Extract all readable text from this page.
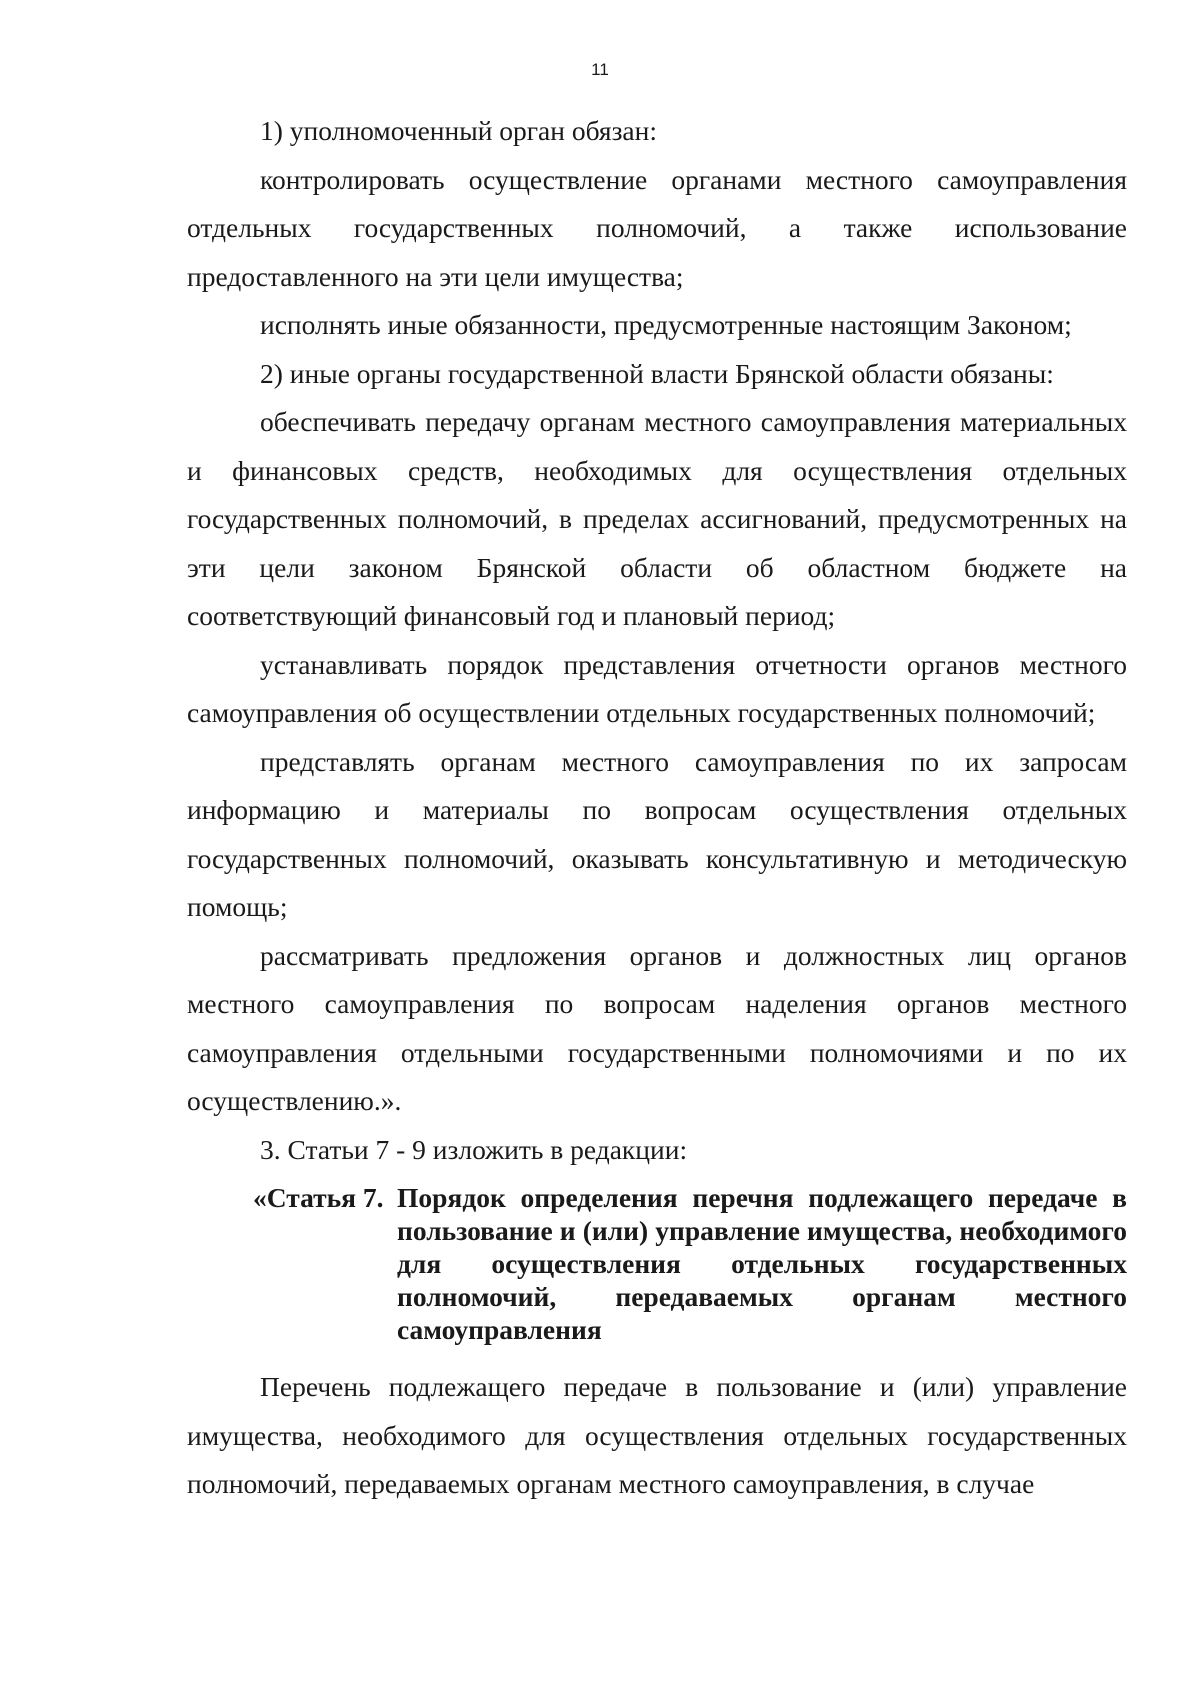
11

1) уполномоченный орган обязан:

контролировать осуществление органами местного самоуправления отдельных государственных полномочий, а также использование предоставленного на эти цели имущества;

исполнять иные обязанности, предусмотренные настоящим Законом;

2) иные органы государственной власти Брянской области обязаны:

обеспечивать передачу органам местного самоуправления материальных и финансовых средств, необходимых для осуществления отдельных государственных полномочий, в пределах ассигнований, предусмотренных на эти цели законом Брянской области об областном бюджете на соответствующий финансовый год и плановый период;

устанавливать порядок представления отчетности органов местного самоуправления об осуществлении отдельных государственных полномочий;

представлять органам местного самоуправления по их запросам информацию и материалы по вопросам осуществления отдельных государственных полномочий, оказывать консультативную и методическую помощь;

рассматривать предложения органов и должностных лиц органов местного самоуправления по вопросам наделения органов местного самоуправления отдельными государственными полномочиями и по их осуществлению.».

3. Статьи 7 - 9 изложить в редакции:

«Статья 7. Порядок определения перечня подлежащего передаче в пользование и (или) управление имущества, необходимого для осуществления отдельных государственных полномочий, передаваемых органам местного самоуправления

Перечень подлежащего передаче в пользование и (или) управление имущества, необходимого для осуществления отдельных государственных полномочий, передаваемых органам местного самоуправления, в случае
